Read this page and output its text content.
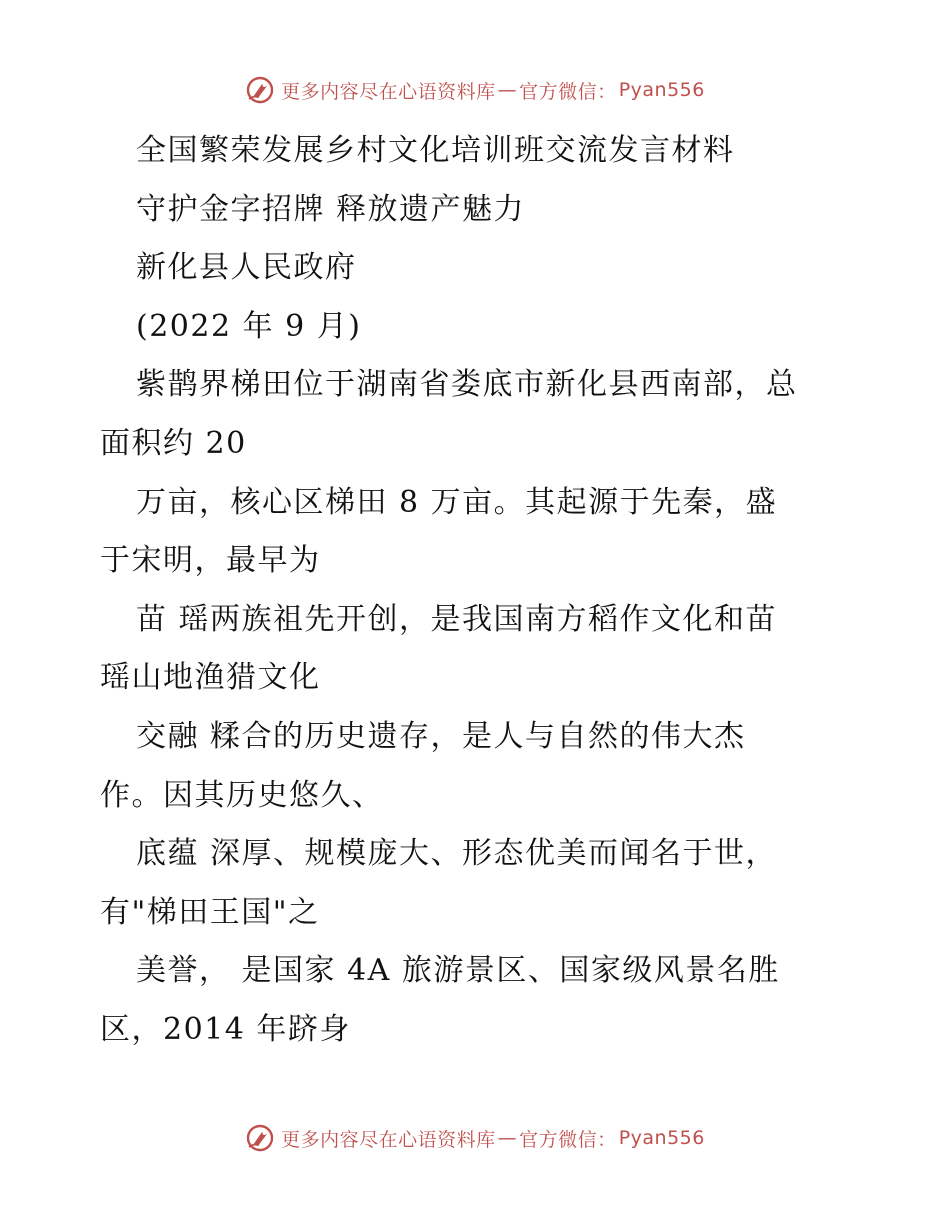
更多内容尽在心语资料库 — 官方微信： Pyan556
全国繁荣发展乡村文化培训班交流发言材料
守护金字招牌 释放遗产魅力
新化县人民政府
(2022 年 9 月)
紫鹊界梯田位于湖南省娄底市新化县西南部，总
面积约 20
万亩，核心区梯田 8 万亩。其起源于先秦，盛
于宋明，最早为
苗 瑶两族祖先开创，是我国南方稻作文化和苗
瑶山地渔猎文化
交融 糅合的历史遗存，是人与自然的伟大杰
作。因其历史悠久、
底蕴 深厚、规模庞大、形态优美而闻名于世，
有"梯田王国"之
美誉， 是国家 4A 旅游景区、国家级风景名胜
区，2014 年跻身
更多内容尽在心语资料库 — 官方微信： Pyan556
